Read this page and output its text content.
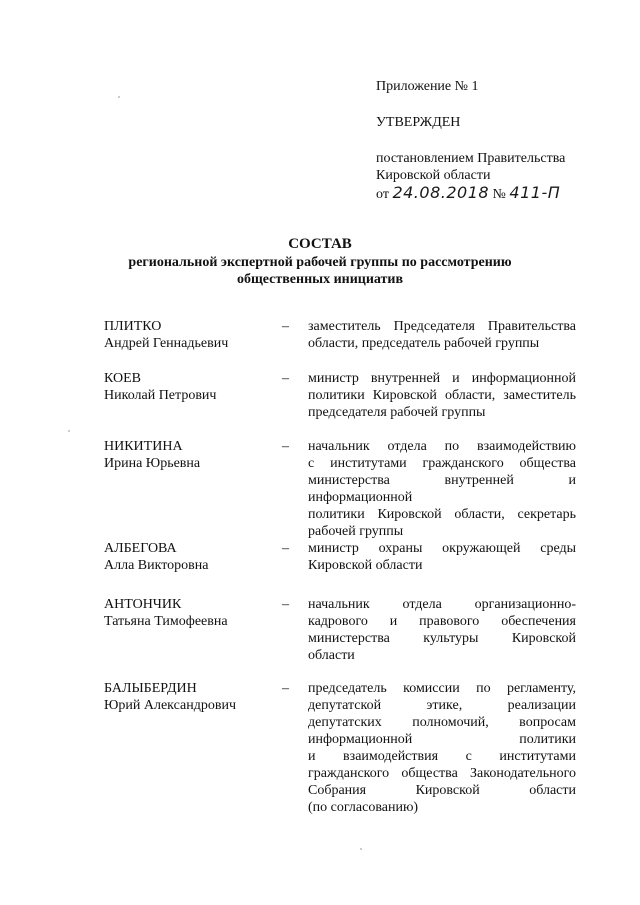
Приложение № 1
УТВЕРЖДЕН
постановлением Правительства
Кировской области
от 24.08.2018 № 411-П
СОСТАВ
региональной экспертной рабочей группы по рассмотрению
общественных инициатив
ПЛИТКО
Андрей Геннадьевич
– заместитель Председателя Правительства
области, председатель рабочей группы
КОЕВ
Николай Петрович
– министр внутренней и информационной
политики Кировской области, заместитель
председателя рабочей группы
НИКИТИНА
Ирина Юрьевна
– начальник отдела по взаимодействию
с институтами гражданского общества
министерства внутренней и информационной
политики Кировской области, секретарь
рабочей группы
АЛБЕГОВА
Алла Викторовна
– министр охраны окружающей среды
Кировской области
АНТОНЧИК
Татьяна Тимофеевна
– начальник отдела организационно-
кадрового и правового обеспечения
министерства культуры Кировской
области
БАЛЫБЕРДИН
Юрий Александрович
– председатель комиссии по регламенту,
депутатской этике, реализации
депутатских полномочий, вопросам
информационной политики
и взаимодействия с институтами
гражданского общества Законодательного
Собрания Кировской области
(по согласованию)
